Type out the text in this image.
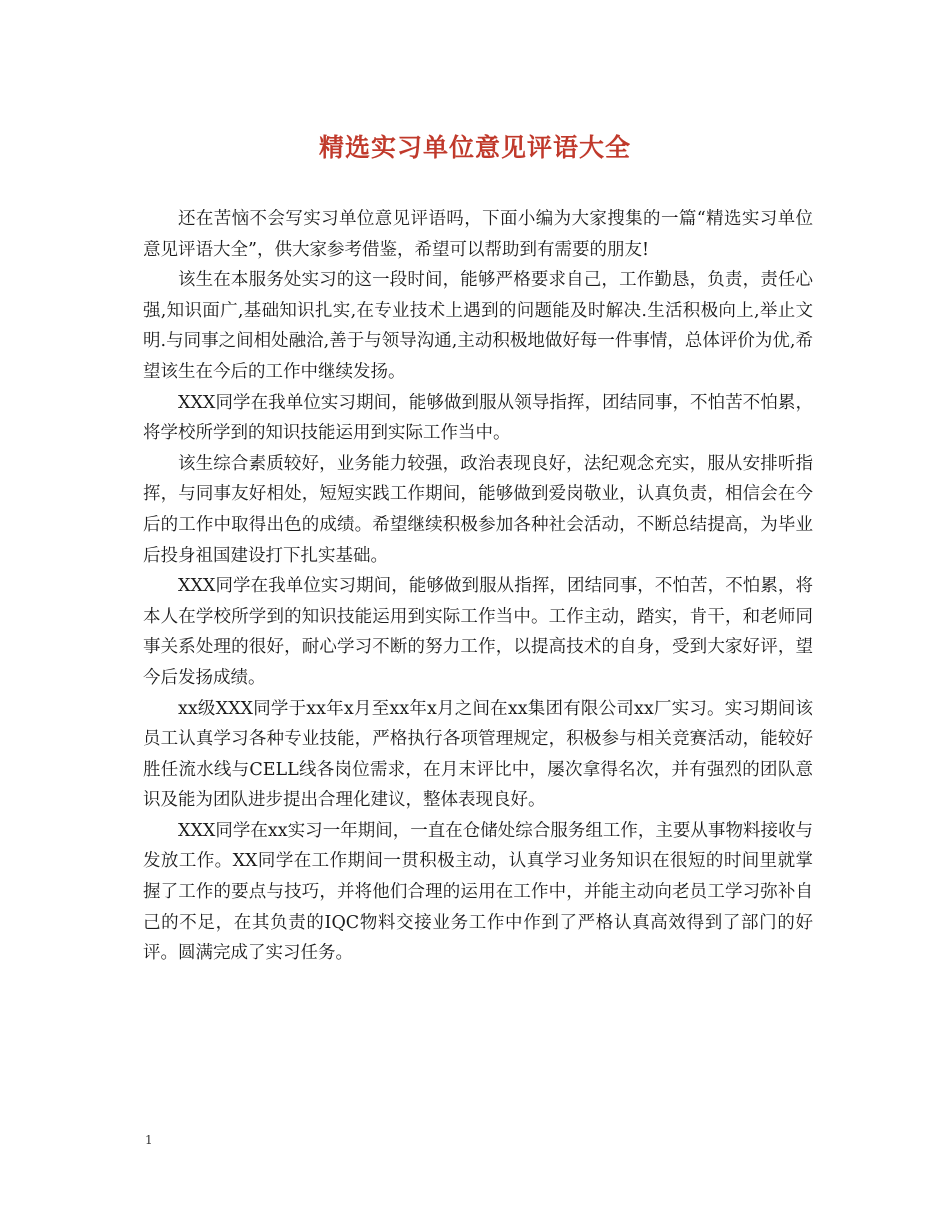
精选实习单位意见评语大全

还在苦恼不会写实习单位意见评语吗，下面小编为大家搜集的一篇“精选实习单位意见评语大全”，供大家参考借鉴，希望可以帮助到有需要的朋友!

该生在本服务处实习的这一段时间，能够严格要求自己，工作勤恳，负责，责任心强,知识面广,基础知识扎实,在专业技术上遇到的问题能及时解决.生活积极向上,举止文明.与同事之间相处融洽,善于与领导沟通,主动积极地做好每一件事情，总体评价为优,希望该生在今后的工作中继续发扬。

XXX同学在我单位实习期间，能够做到服从领导指挥，团结同事，不怕苦不怕累，将学校所学到的知识技能运用到实际工作当中。

该生综合素质较好，业务能力较强，政治表现良好，法纪观念充实，服从安排听指挥，与同事友好相处，短短实践工作期间，能够做到爱岗敬业，认真负责，相信会在今后的工作中取得出色的成绩。希望继续积极参加各种社会活动，不断总结提高，为毕业后投身祖国建设打下扎实基础。

XXX同学在我单位实习期间，能够做到服从指挥，团结同事，不怕苦，不怕累，将本人在学校所学到的知识技能运用到实际工作当中。工作主动，踏实，肯干，和老师同事关系处理的很好，耐心学习不断的努力工作，以提高技术的自身，受到大家好评，望今后发扬成绩。

xx级XXX同学于xx年x月至xx年x月之间在xx集团有限公司xx厂实习。实习期间该员工认真学习各种专业技能，严格执行各项管理规定，积极参与相关竞赛活动，能较好胜任流水线与CELL线各岗位需求，在月末评比中，屡次拿得名次，并有强烈的团队意识及能为团队进步提出合理化建议，整体表现良好。

XXX同学在xx实习一年期间，一直在仓储处综合服务组工作，主要从事物料接收与发放工作。XX同学在工作期间一贯积极主动，认真学习业务知识在很短的时间里就掌握了工作的要点与技巧，并将他们合理的运用在工作中，并能主动向老员工学习弥补自己的不足，在其负责的IQC物料交接业务工作中作到了严格认真高效得到了部门的好评。圆满完成了实习任务。

1
